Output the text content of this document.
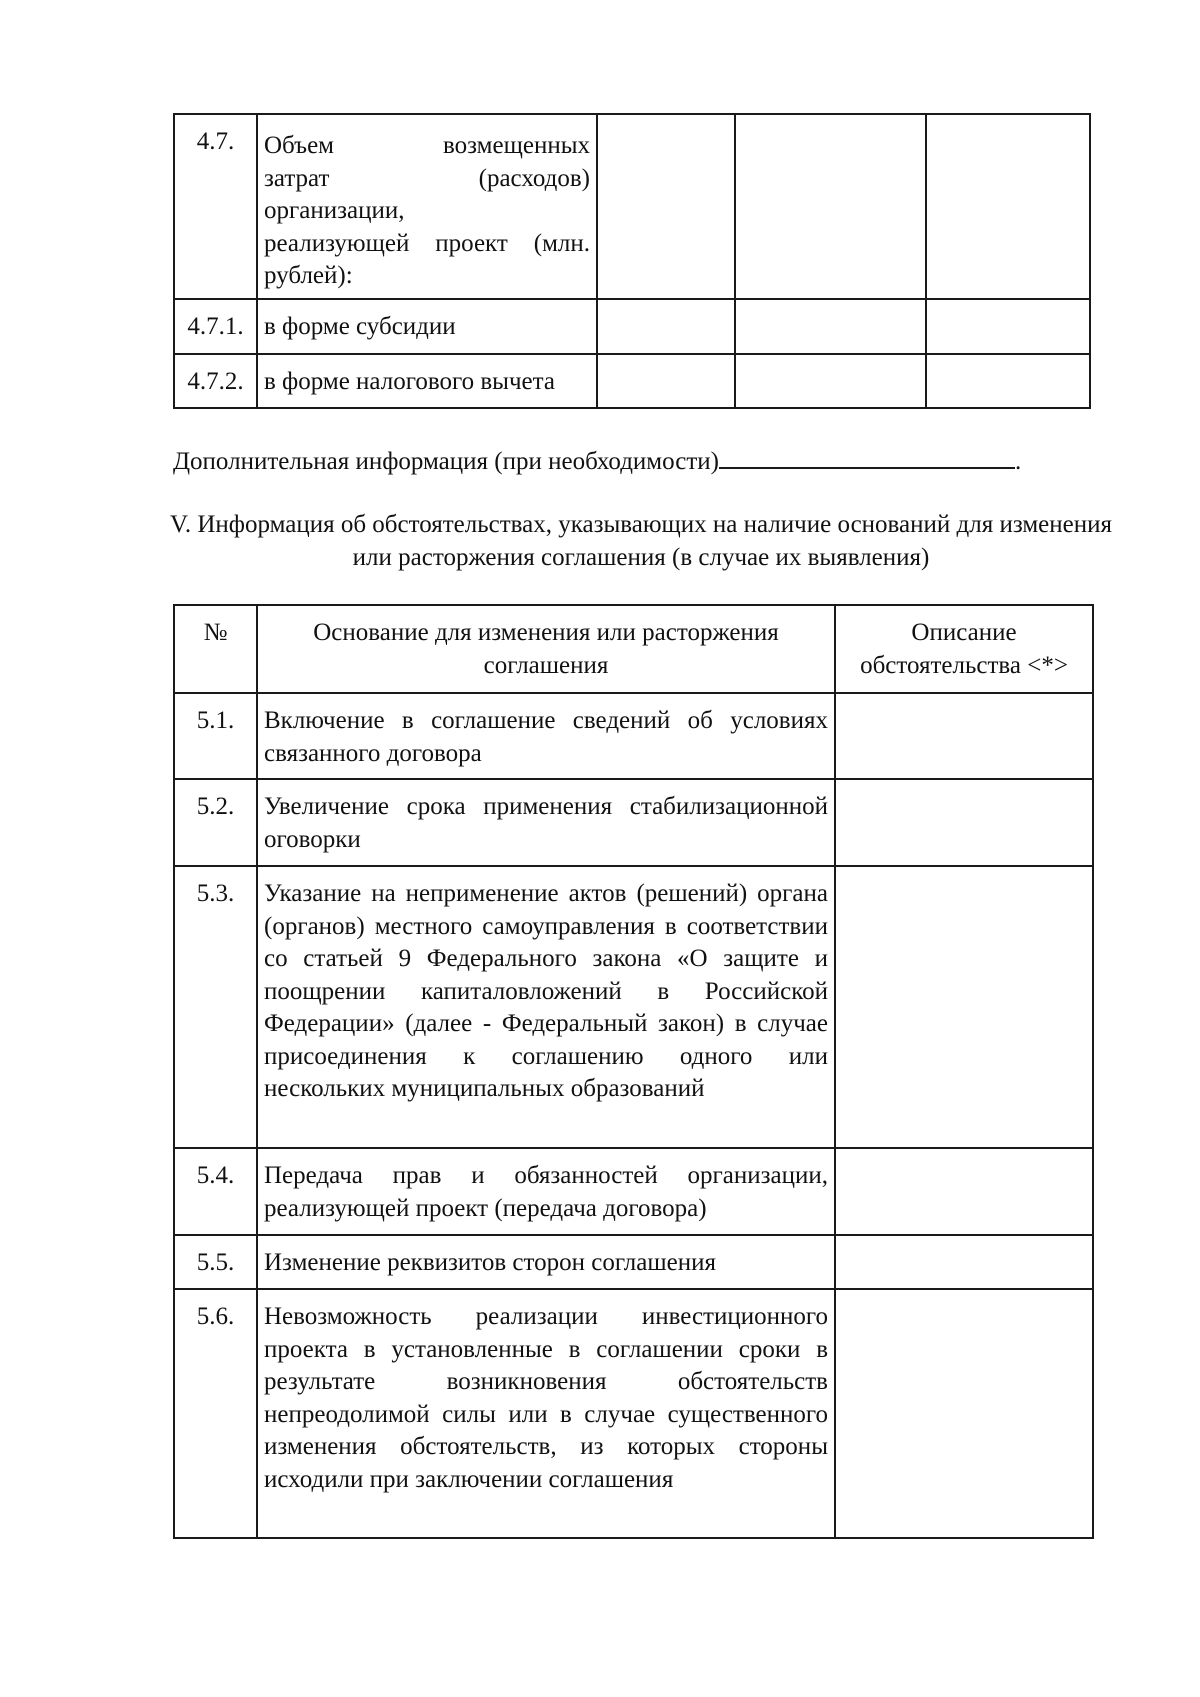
4.7.	Объем возмещенных
затрат (расходов)
организации,
реализующей проект (млн.
рублей):			

4.7.1.	в форме субсидии			
4.7.2.	в форме налогового вычета			
Дополнительная информация (при необходимости)	.
V. Информация об обстоятельствах, указывающих на наличие оснований для изменения или расторжения соглашения (в случае их выявления)
№	Основание для изменения или расторжения соглашения	Описание обстоятельства <*>
5.1.	Включение в соглашение сведений об условиях связанного договора	
5.2.	Увеличение срока применения стабилизационной оговорки	
5.3.	Указание на неприменение актов (решений) органа (органов) местного самоуправления в соответствии со статьей 9 Федерального закона «О защите и поощрении капиталовложений в Российской Федерации» (далее - Федеральный закон) в случае присоединения к соглашению одного или нескольких муниципальных образований	
5.4.	Передача прав и обязанностей организации, реализующей проект (передача договора)	
5.5.	Изменение реквизитов сторон соглашения	
5.6.	Невозможность реализации инвестиционного проекта в установленные в соглашении сроки в результате возникновения обстоятельств непреодолимой силы или в случае существенного изменения обстоятельств, из которых стороны исходили при заключении соглашения	
